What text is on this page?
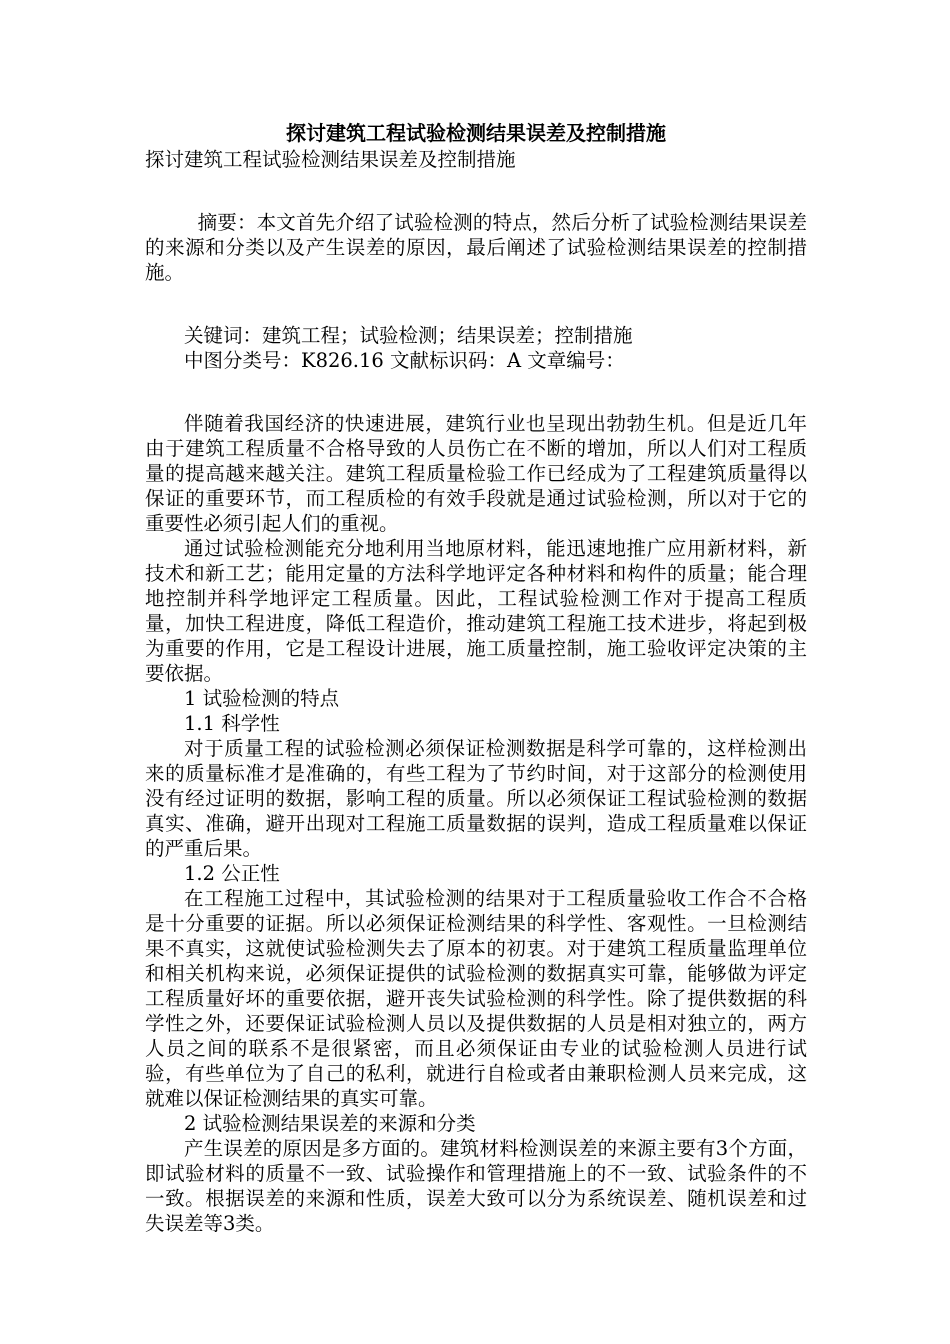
探讨建筑工程试验检测结果误差及控制措施

探讨建筑工程试验检测结果误差及控制措施

摘要：本文首先介绍了试验检测的特点，然后分析了试验检测结果误差的来源和分类以及产生误差的原因，最后阐述了试验检测结果误差的控制措施。

关键词：建筑工程；试验检测；结果误差；控制措施

中图分类号：K826.16 文献标识码：A 文章编号：

伴随着我国经济的快速进展，建筑行业也呈现出勃勃生机。但是近几年由于建筑工程质量不合格导致的人员伤亡在不断的增加，所以人们对工程质量的提高越来越关注。建筑工程质量检验工作已经成为了工程建筑质量得以保证的重要环节，而工程质检的有效手段就是通过试验检测，所以对于它的重要性必须引起人们的重视。

通过试验检测能充分地利用当地原材料，能迅速地推广应用新材料，新技术和新工艺；能用定量的方法科学地评定各种材料和构件的质量；能合理地控制并科学地评定工程质量。因此，工程试验检测工作对于提高工程质量，加快工程进度，降低工程造价，推动建筑工程施工技术进步，将起到极为重要的作用，它是工程设计进展，施工质量控制，施工验收评定决策的主要依据。

1 试验检测的特点

1.1 科学性

对于质量工程的试验检测必须保证检测数据是科学可靠的，这样检测出来的质量标准才是准确的，有些工程为了节约时间，对于这部分的检测使用没有经过证明的数据，影响工程的质量。所以必须保证工程试验检测的数据真实、准确，避开出现对工程施工质量数据的误判，造成工程质量难以保证的严重后果。

1.2 公正性

在工程施工过程中，其试验检测的结果对于工程质量验收工作合不合格是十分重要的证据。所以必须保证检测结果的科学性、客观性。一旦检测结果不真实，这就使试验检测失去了原本的初衷。对于建筑工程质量监理单位和相关机构来说，必须保证提供的试验检测的数据真实可靠，能够做为评定工程质量好坏的重要依据，避开丧失试验检测的科学性。除了提供数据的科学性之外，还要保证试验检测人员以及提供数据的人员是相对独立的，两方人员之间的联系不是很紧密，而且必须保证由专业的试验检测人员进行试验，有些单位为了自己的私利，就进行自检或者由兼职检测人员来完成，这就难以保证检测结果的真实可靠。

2 试验检测结果误差的来源和分类

产生误差的原因是多方面的。建筑材料检测误差的来源主要有3个方面，即试验材料的质量不一致、试验操作和管理措施上的不一致、试验条件的不一致。根据误差的来源和性质，误差大致可以分为系统误差、随机误差和过失误差等3类。
